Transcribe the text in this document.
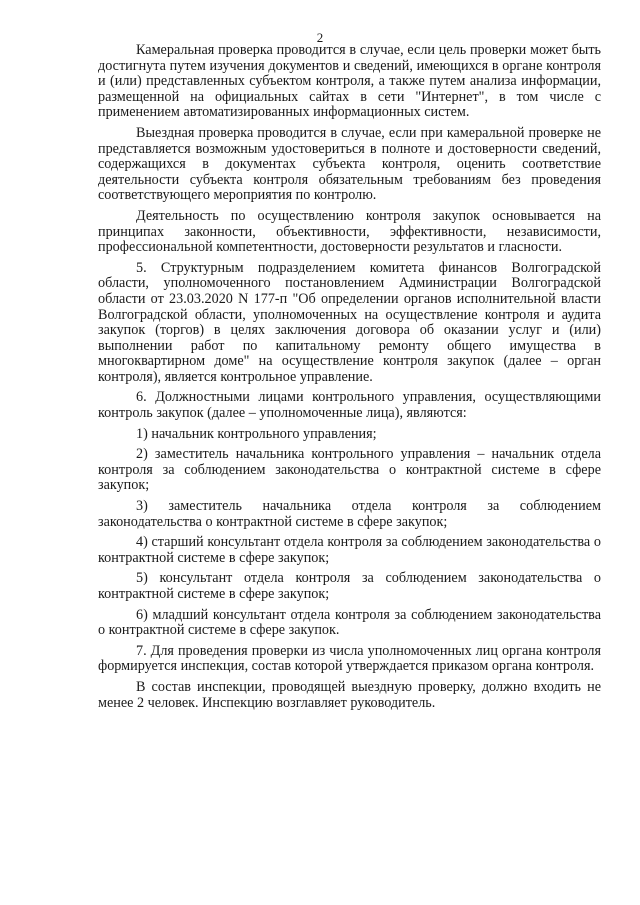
2

Камеральная проверка проводится в случае, если цель проверки может быть достигнута путем изучения документов и сведений, имеющихся в органе контроля и (или) представленных субъектом контроля, а также путем анализа информации, размещенной на официальных сайтах в сети "Интернет", в том числе с применением автоматизированных информационных систем.

Выездная проверка проводится в случае, если при камеральной проверке не представляется возможным удостовериться в полноте и достоверности сведений, содержащихся в документах субъекта контроля, оценить соответствие деятельности субъекта контроля обязательным требованиям без проведения соответствующего мероприятия по контролю.

Деятельность по осуществлению контроля закупок основывается на принципах законности, объективности, эффективности, независимости, профессиональной компетентности, достоверности результатов и гласности.

5. Структурным подразделением комитета финансов Волгоградской области, уполномоченного постановлением Администрации Волгоградской области от 23.03.2020 N 177-п "Об определении органов исполнительной власти Волгоградской области, уполномоченных на осуществление контроля и аудита закупок (торгов) в целях заключения договора об оказании услуг и (или) выполнении работ по капитальному ремонту общего имущества в многоквартирном доме" на осуществление контроля закупок (далее – орган контроля), является контрольное управление.

6. Должностными лицами контрольного управления, осуществляющими контроль закупок (далее – уполномоченные лица), являются:

1) начальник контрольного управления;

2) заместитель начальника контрольного управления – начальник отдела контроля за соблюдением законодательства о контрактной системе в сфере закупок;

3) заместитель начальника отдела контроля за соблюдением законодательства о контрактной системе в сфере закупок;

4) старший консультант отдела контроля за соблюдением законодательства о контрактной системе в сфере закупок;

5) консультант отдела контроля за соблюдением законодательства о контрактной системе в сфере закупок;

6) младший консультант отдела контроля за соблюдением законодательства о контрактной системе в сфере закупок.

7. Для проведения проверки из числа уполномоченных лиц органа контроля формируется инспекция, состав которой утверждается приказом органа контроля.

В состав инспекции, проводящей выездную проверку, должно входить не менее 2 человек. Инспекцию возглавляет руководитель.
